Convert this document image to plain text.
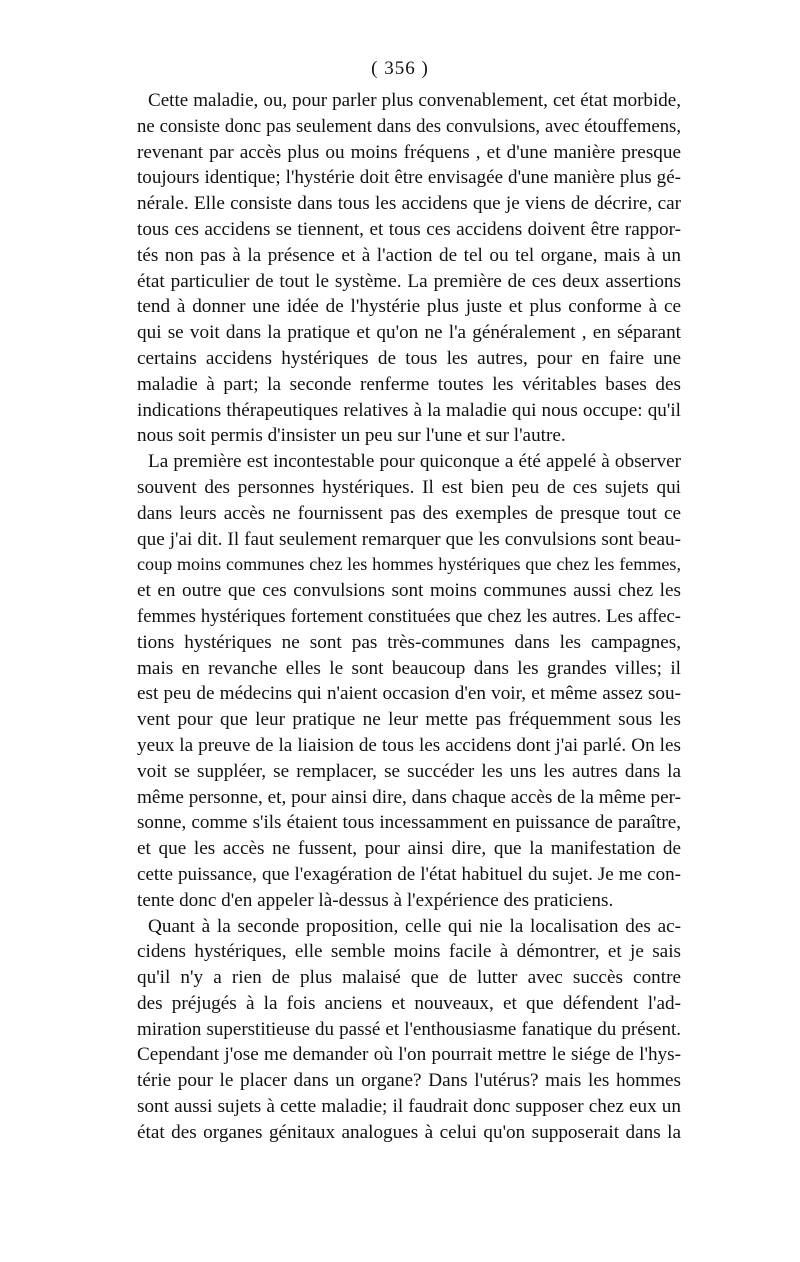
( 356 )
Cette maladie, ou, pour parler plus convenablement, cet état morbide,
ne consiste donc pas seulement dans des convulsions, avec étouffemens,
revenant par accès plus ou moins fréquens , et d'une manière presque
toujours identique; l'hystérie doit être envisagée d'une manière plus gé-
nérale. Elle consiste dans tous les accidens que je viens de décrire, car
tous ces accidens se tiennent, et tous ces accidens doivent être rappor-
tés non pas à la présence et à l'action de tel ou tel organe, mais à un
état particulier de tout le système. La première de ces deux assertions
tend à donner une idée de l'hystérie plus juste et plus conforme à ce
qui se voit dans la pratique et qu'on ne l'a généralement , en séparant
certains accidens hystériques de tous les autres, pour en faire une
maladie à part; la seconde renferme toutes les véritables bases des
indications thérapeutiques relatives à la maladie qui nous occupe: qu'il
nous soit permis d'insister un peu sur l'une et sur l'autre.
La première est incontestable pour quiconque a été appelé à observer
souvent des personnes hystériques. Il est bien peu de ces sujets qui
dans leurs accès ne fournissent pas des exemples de presque tout ce
que j'ai dit. Il faut seulement remarquer que les convulsions sont beau-
coup moins communes chez les hommes hystériques que chez les femmes,
et en outre que ces convulsions sont moins communes aussi chez les
femmes hystériques fortement constituées que chez les autres. Les affec-
tions hystériques ne sont pas très-communes dans les campagnes,
mais en revanche elles le sont beaucoup dans les grandes villes; il
est peu de médecins qui n'aient occasion d'en voir, et même assez sou-
vent pour que leur pratique ne leur mette pas fréquemment sous les
yeux la preuve de la liaision de tous les accidens dont j'ai parlé. On les
voit se suppléer, se remplacer, se succéder les uns les autres dans la
même personne, et, pour ainsi dire, dans chaque accès de la même per-
sonne, comme s'ils étaient tous incessamment en puissance de paraître,
et que les accès ne fussent, pour ainsi dire, que la manifestation de
cette puissance, que l'exagération de l'état habituel du sujet. Je me con-
tente donc d'en appeler là-dessus à l'expérience des praticiens.
Quant à la seconde proposition, celle qui nie la localisation des ac-
cidens hystériques, elle semble moins facile à démontrer, et je sais
qu'il n'y a rien de plus malaisé que de lutter avec succès contre
des préjugés à la fois anciens et nouveaux, et que défendent l'ad-
miration superstitieuse du passé et l'enthousiasme fanatique du présent.
Cependant j'ose me demander où l'on pourrait mettre le siége de l'hys-
térie pour le placer dans un organe? Dans l'utérus? mais les hommes
sont aussi sujets à cette maladie; il faudrait donc supposer chez eux un
état des organes génitaux analogues à celui qu'on supposerait dans la
